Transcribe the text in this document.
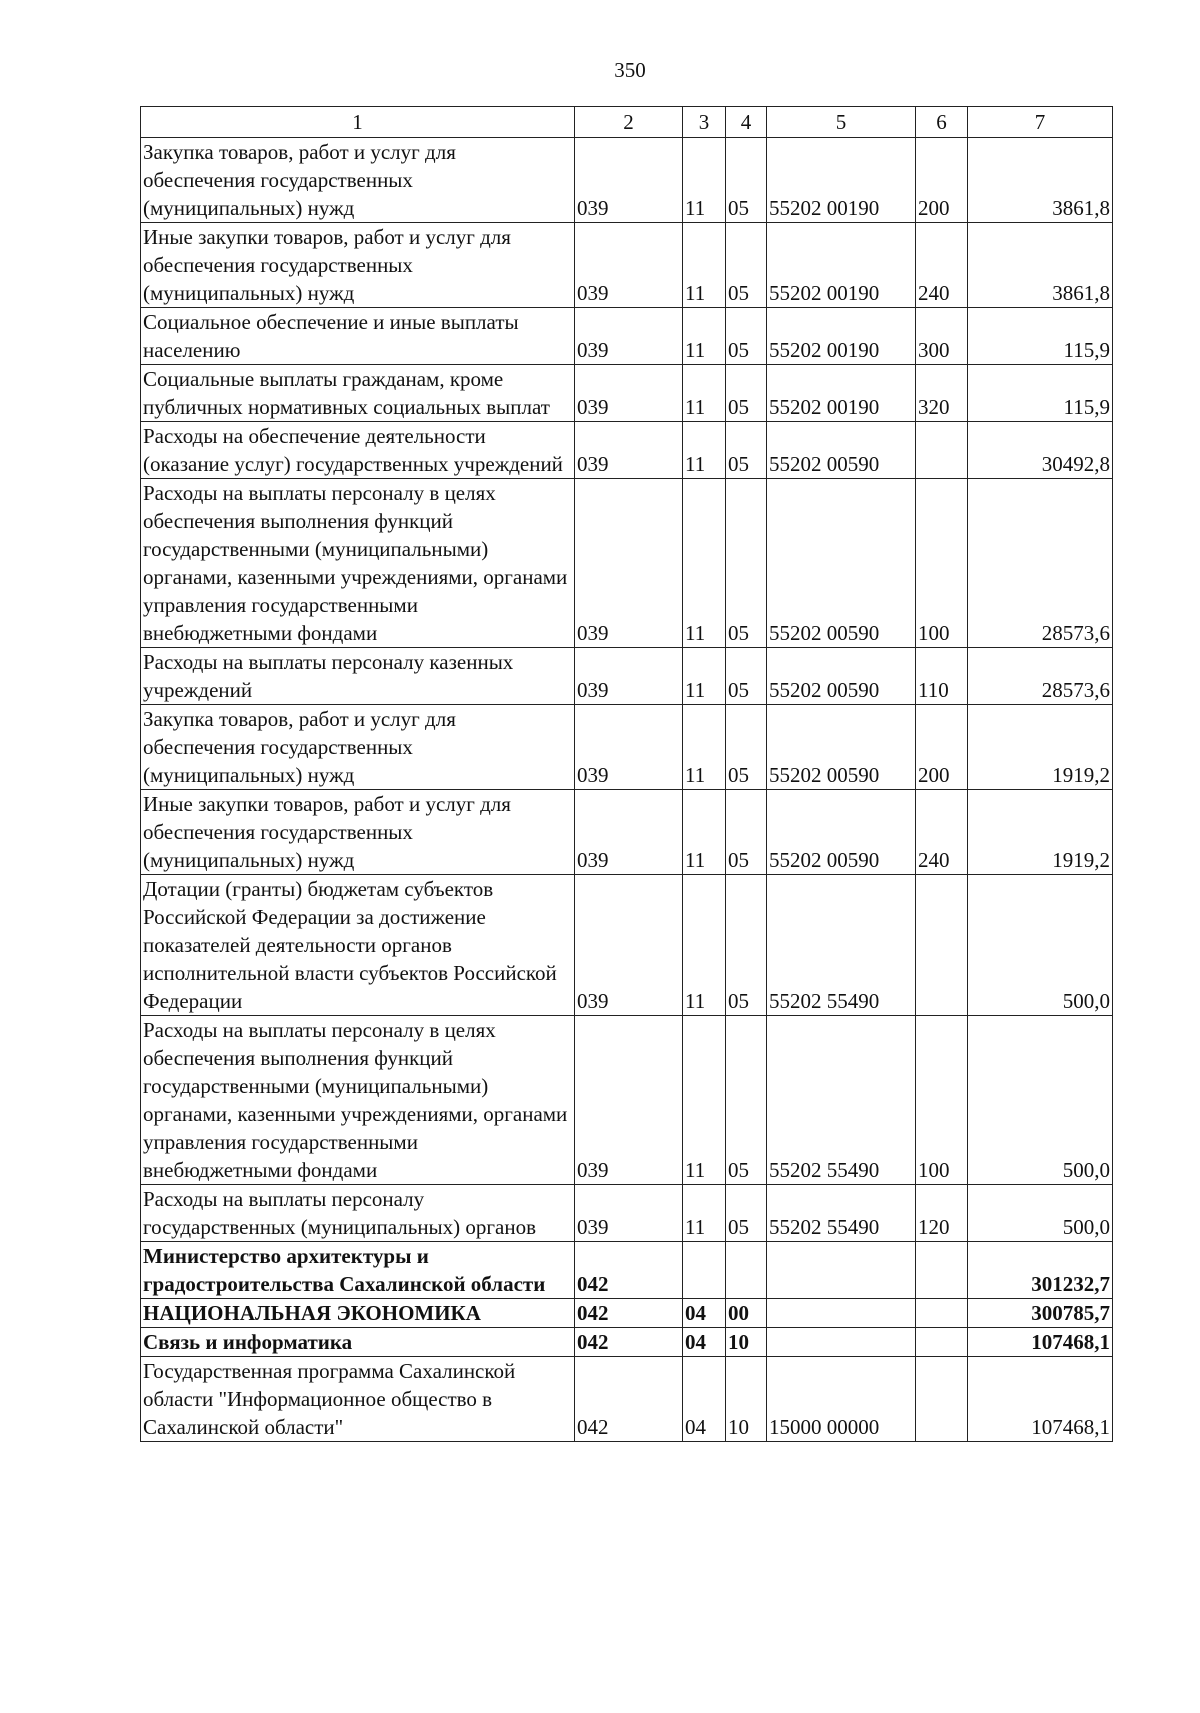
350
1	2	3	4	5	6	7
Закупка товаров, работ и услуг для обеспечения государственных (муниципальных) нужд	039	11	05	55202 00190	200	3861,8
Иные закупки товаров, работ и услуг для обеспечения государственных (муниципальных) нужд	039	11	05	55202 00190	240	3861,8
Социальное обеспечение и иные выплаты населению	039	11	05	55202 00190	300	115,9
Социальные выплаты гражданам, кроме публичных нормативных социальных выплат	039	11	05	55202 00190	320	115,9
Расходы на обеспечение деятельности (оказание услуг) государственных учреждений	039	11	05	55202 00590		30492,8
Расходы на выплаты персоналу в целях обеспечения выполнения функций государственными (муниципальными) органами, казенными учреждениями, органами управления государственными внебюджетными фондами	039	11	05	55202 00590	100	28573,6
Расходы на выплаты персоналу казенных учреждений	039	11	05	55202 00590	110	28573,6
Закупка товаров, работ и услуг для обеспечения государственных (муниципальных) нужд	039	11	05	55202 00590	200	1919,2
Иные закупки товаров, работ и услуг для обеспечения государственных (муниципальных) нужд	039	11	05	55202 00590	240	1919,2
Дотации (гранты) бюджетам субъектов Российской Федерации за достижение показателей деятельности органов исполнительной власти субъектов Российской Федерации	039	11	05	55202 55490		500,0
Расходы на выплаты персоналу в целях обеспечения выполнения функций государственными (муниципальными) органами, казенными учреждениями, органами управления государственными внебюджетными фондами	039	11	05	55202 55490	100	500,0
Расходы на выплаты персоналу государственных (муниципальных) органов	039	11	05	55202 55490	120	500,0
Министерство архитектуры и градостроительства Сахалинской области	042					301232,7
НАЦИОНАЛЬНАЯ ЭКОНОМИКА	042	04	00			300785,7
Связь и информатика	042	04	10			107468,1
Государственная программа Сахалинской области "Информационное общество в Сахалинской области"	042	04	10	15000 00000		107468,1
